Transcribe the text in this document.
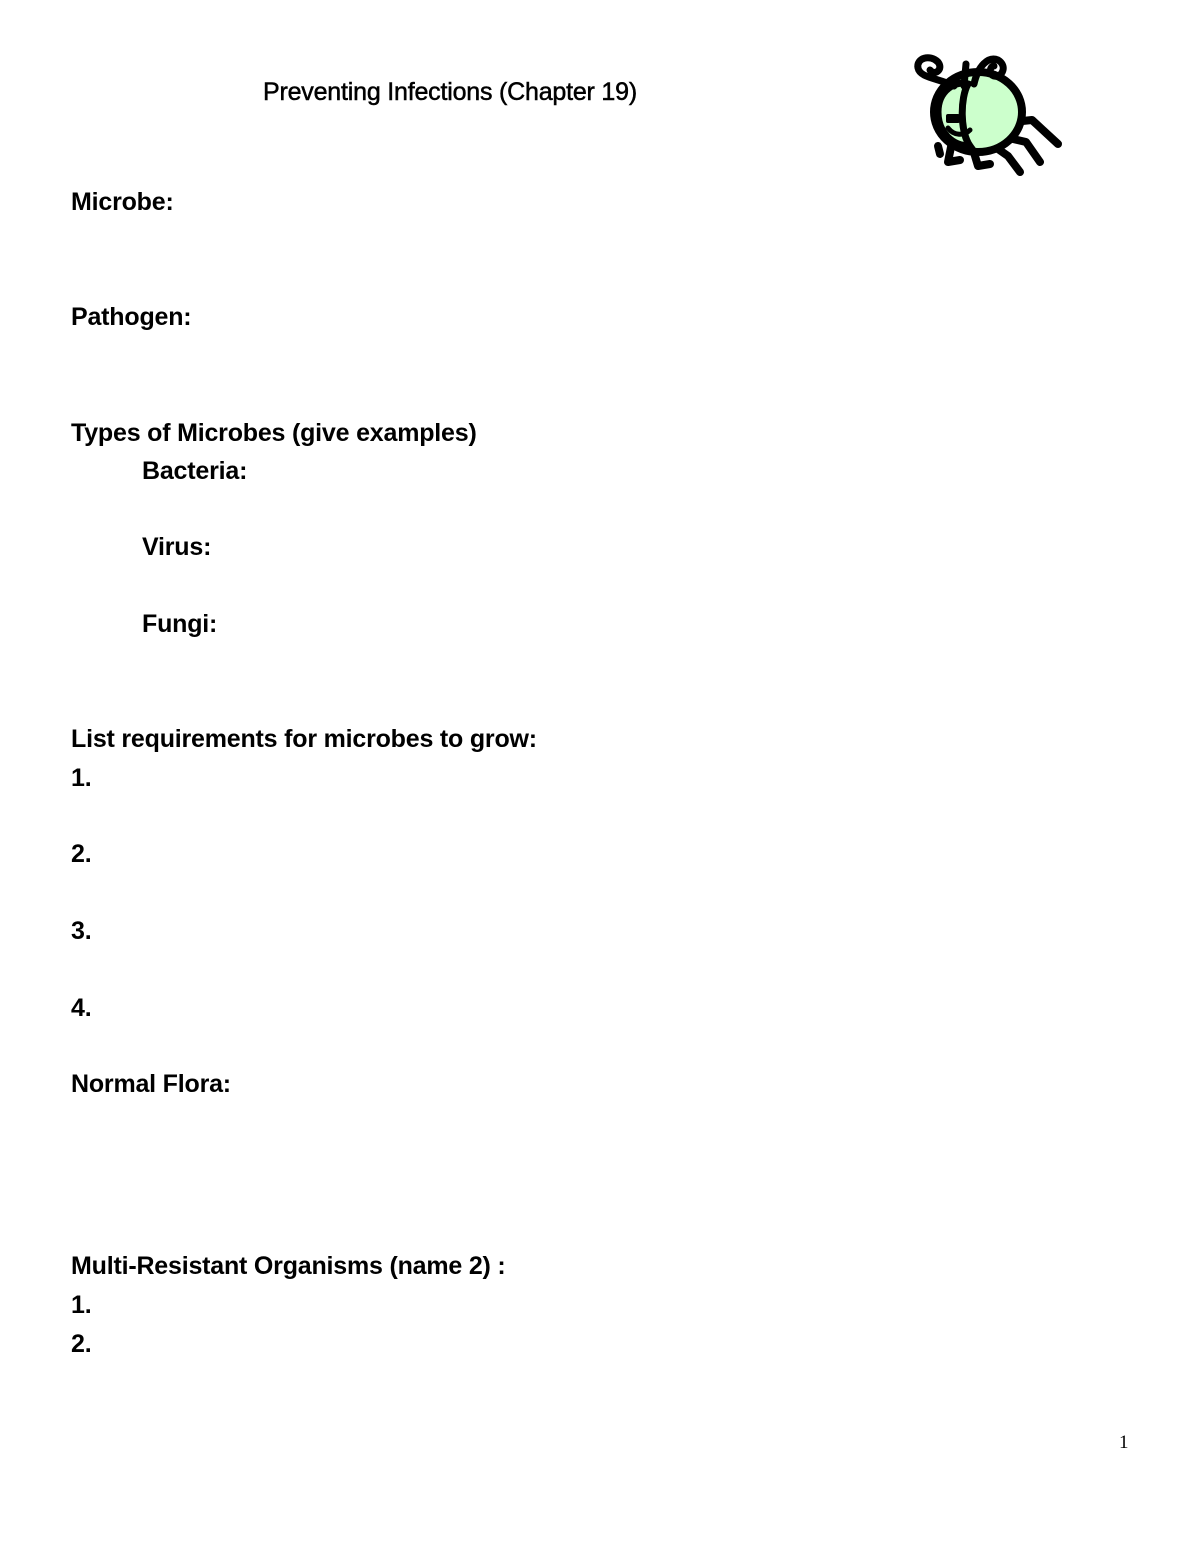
Preventing Infections (Chapter 19)
Microbe:
Pathogen:
Types of Microbes (give examples)
Bacteria:
Virus:
Fungi:
List requirements for microbes to grow:
1.
2.
3.
4.
Normal Flora:
Multi-Resistant Organisms (name 2) :
1.
2.
1
